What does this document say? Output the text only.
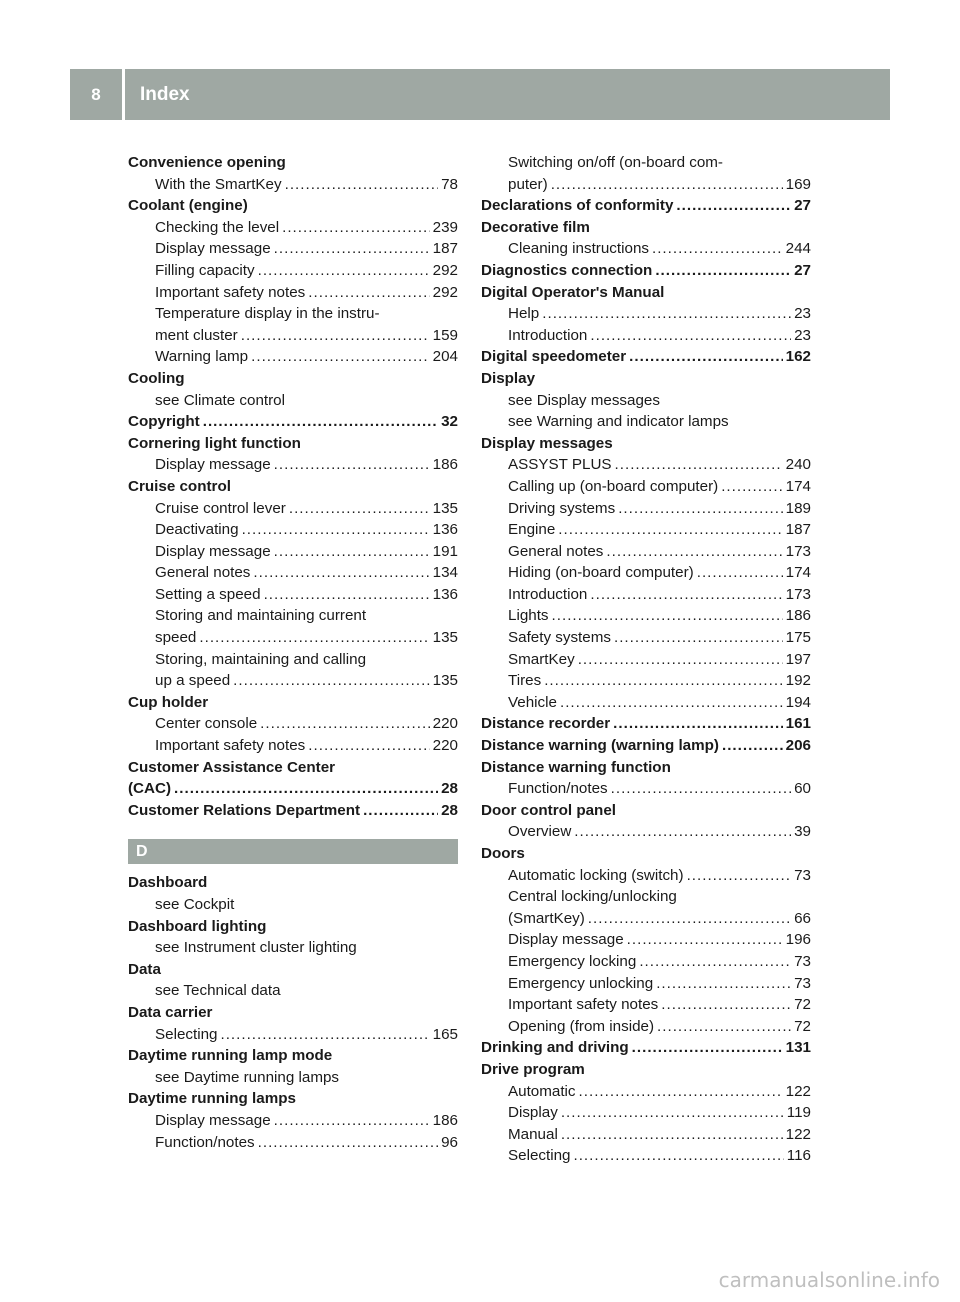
8	Index
Convenience opening
With the SmartKey .....	78
Coolant (engine)
Checking the level .....	239
Display message .....	187
Filling capacity .....	292
Important safety notes .....	292
Temperature display in the instru-
ment cluster .....	159
Warning lamp .....	204
Cooling
see Climate control
Copyright .....	32
Cornering light function
Display message .....	186
Cruise control
Cruise control lever .....	135
Deactivating .....	136
Display message .....	191
General notes .....	134
Setting a speed .....	136
Storing and maintaining current
speed .....	135
Storing, maintaining and calling
up a speed .....	135
Cup holder
Center console .....	220
Important safety notes .....	220
Customer Assistance Center
(CAC) .....	28
Customer Relations Department .....	28
D
Dashboard
see Cockpit
Dashboard lighting
see Instrument cluster lighting
Data
see Technical data
Data carrier
Selecting .....	165
Daytime running lamp mode
see Daytime running lamps
Daytime running lamps
Display message .....	186
Function/notes .....	96
Switching on/off (on-board com-
puter) .....	169
Declarations of conformity .....	27
Decorative film
Cleaning instructions .....	244
Diagnostics connection .....	27
Digital Operator's Manual
Help .....	23
Introduction .....	23
Digital speedometer .....	162
Display
see Display messages
see Warning and indicator lamps
Display messages
ASSYST PLUS .....	240
Calling up (on-board computer) .....	174
Driving systems .....	189
Engine .....	187
General notes .....	173
Hiding (on-board computer) .....	174
Introduction .....	173
Lights .....	186
Safety systems .....	175
SmartKey .....	197
Tires .....	192
Vehicle .....	194
Distance recorder .....	161
Distance warning (warning lamp) .....	206
Distance warning function
Function/notes .....	60
Door control panel
Overview .....	39
Doors
Automatic locking (switch) .....	73
Central locking/unlocking
(SmartKey) .....	66
Display message .....	196
Emergency locking .....	73
Emergency unlocking .....	73
Important safety notes .....	72
Opening (from inside) .....	72
Drinking and driving .....	131
Drive program
Automatic .....	122
Display .....	119
Manual .....	122
Selecting .....	116
carmanualsonline.info
